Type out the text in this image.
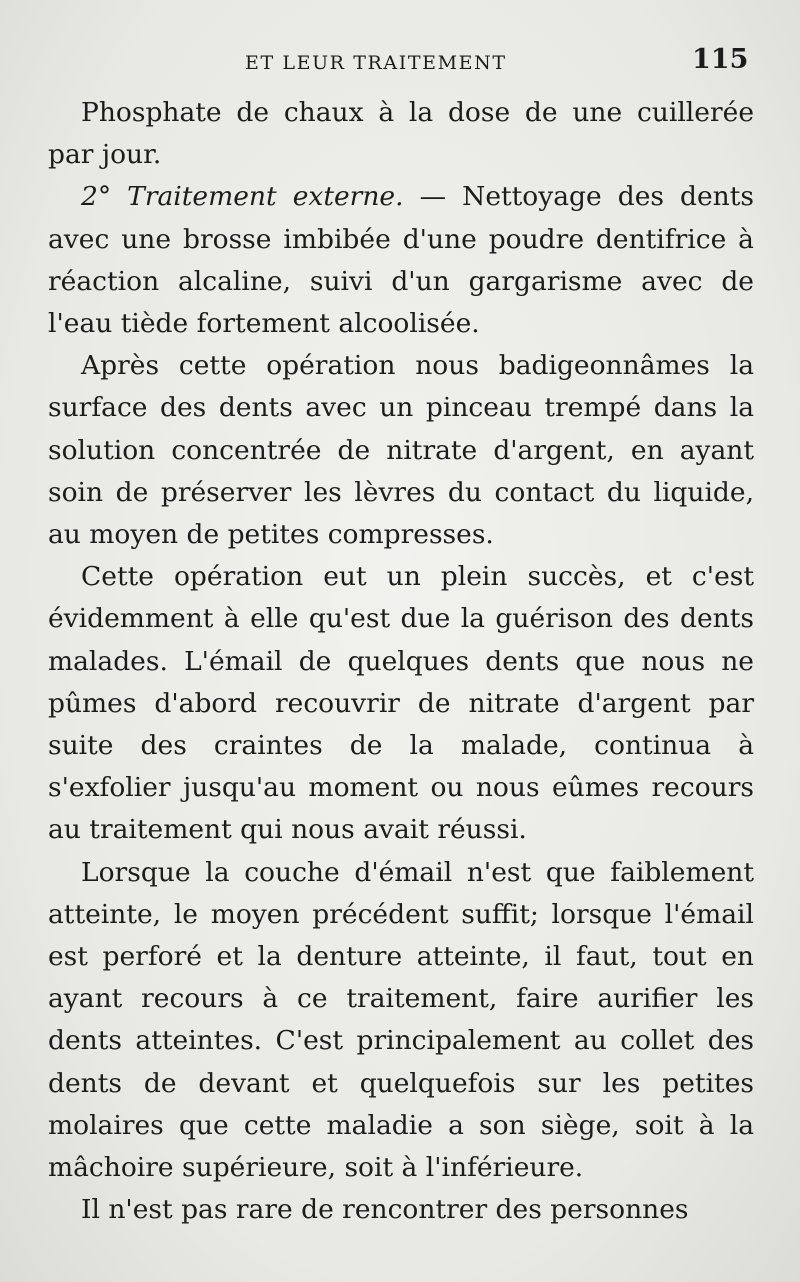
ET LEUR TRAITEMENT	115

Phosphate de chaux à la dose de une cuillerée par jour.

2° Traitement externe. — Nettoyage des dents avec une brosse imbibée d'une poudre dentifrice à réaction alcaline, suivi d'un gargarisme avec de l'eau tiède fortement alcoolisée.

Après cette opération nous badigeonnâmes la surface des dents avec un pinceau trempé dans la solution concentrée de nitrate d'argent, en ayant soin de préserver les lèvres du contact du liquide, au moyen de petites compresses.

Cette opération eut un plein succès, et c'est évidemment à elle qu'est due la guérison des dents malades. L'émail de quelques dents que nous ne pûmes d'abord recouvrir de nitrate d'argent par suite des craintes de la malade, continua à s'exfolier jusqu'au moment ou nous eûmes recours au traitement qui nous avait réussi.

Lorsque la couche d'émail n'est que faiblement atteinte, le moyen précédent suffit; lorsque l'émail est perforé et la denture atteinte, il faut, tout en ayant recours à ce traitement, faire aurifier les dents atteintes. C'est principalement au collet des dents de devant et quelquefois sur les petites molaires que cette maladie a son siège, soit à la mâchoire supérieure, soit à l'inférieure.

Il n'est pas rare de rencontrer des personnes
